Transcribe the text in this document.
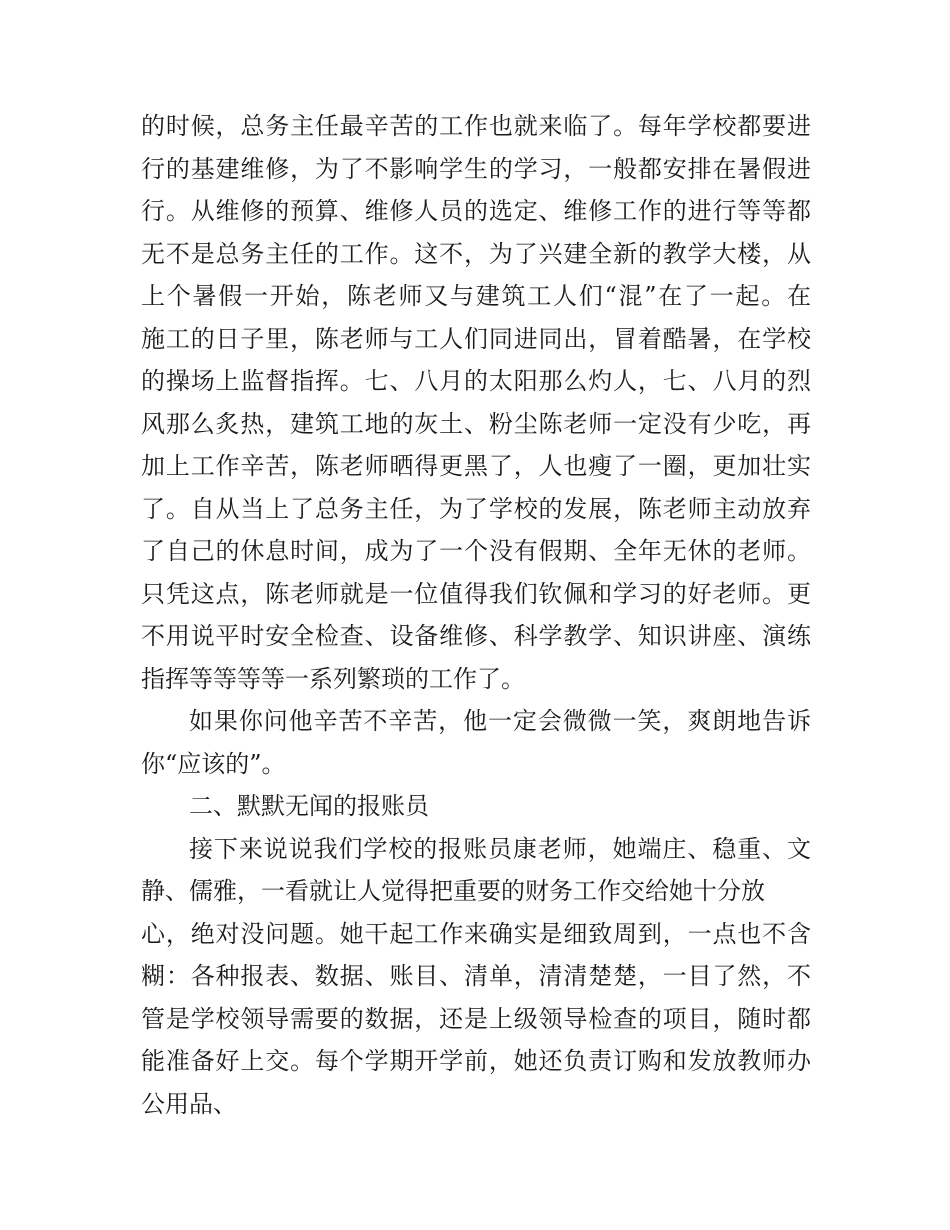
的时候，总务主任最辛苦的工作也就来临了。每年学校都要进
行的基建维修，为了不影响学生的学习，一般都安排在暑假进
行。从维修的预算、维修人员的选定、维修工作的进行等等都
无不是总务主任的工作。这不，为了兴建全新的教学大楼，从
上个暑假一开始，陈老师又与建筑工人们“混”在了一起。在
施工的日子里，陈老师与工人们同进同出，冒着酷暑，在学校
的操场上监督指挥。七、八月的太阳那么灼人，七、八月的烈
风那么炙热，建筑工地的灰土、粉尘陈老师一定没有少吃，再
加上工作辛苦，陈老师晒得更黑了，人也瘦了一圈，更加壮实
了。自从当上了总务主任，为了学校的发展，陈老师主动放弃
了自己的休息时间，成为了一个没有假期、全年无休的老师。
只凭这点，陈老师就是一位值得我们钦佩和学习的好老师。更
不用说平时安全检查、设备维修、科学教学、知识讲座、演练
指挥等等等等一系列繁琐的工作了。
如果你问他辛苦不辛苦，他一定会微微一笑，爽朗地告诉
你“应该的”。
二、默默无闻的报账员
接下来说说我们学校的报账员康老师，她端庄、稳重、文
静、儒雅，一看就让人觉得把重要的财务工作交给她十分放
心，绝对没问题。她干起工作来确实是细致周到，一点也不含
糊：各种报表、数据、账目、清单，清清楚楚，一目了然，不
管是学校领导需要的数据，还是上级领导检查的项目，随时都
能准备好上交。每个学期开学前，她还负责订购和发放教师办
公用品、
